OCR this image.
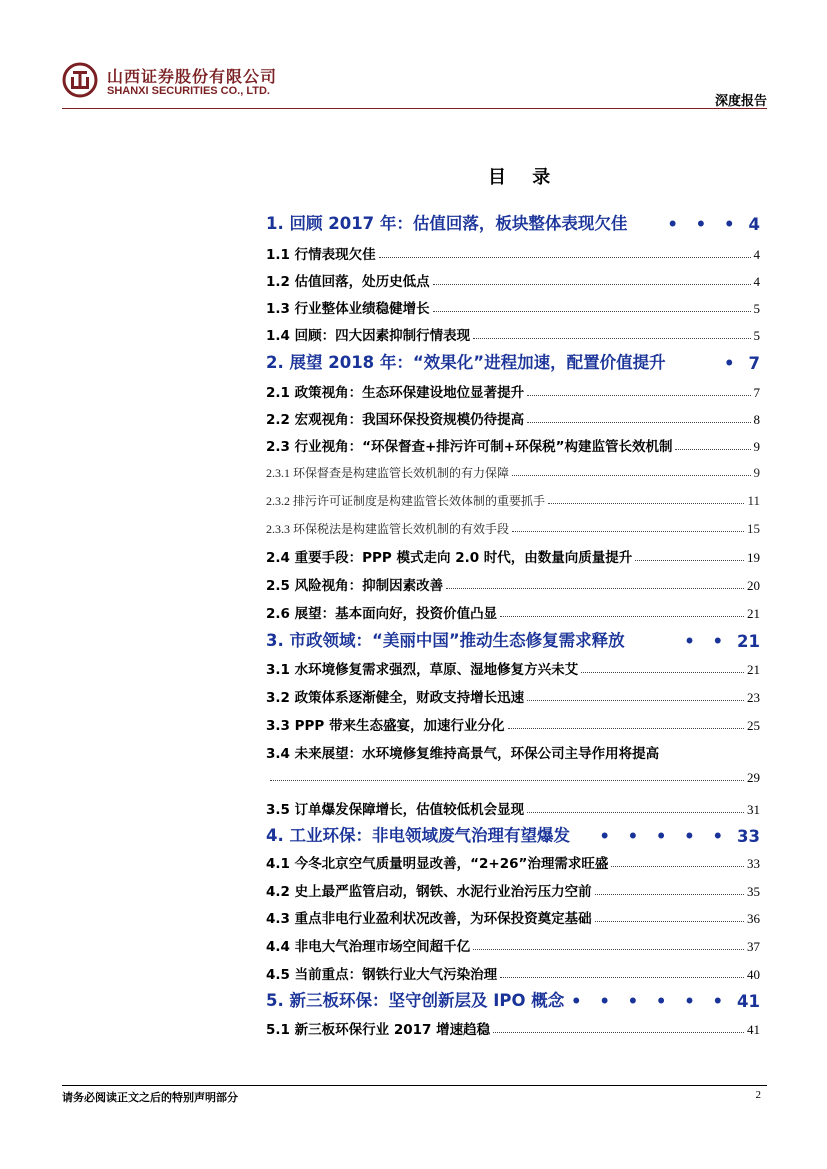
山西证券股份有限公司
SHANXI SECURITIES CO., LTD.
深度报告
目 录
1. 回顾 2017 年：估值回落，板块整体表现欠佳	• • • 4
1.1 行情表现欠佳	4
1.2 估值回落，处历史低点	4
1.3 行业整体业绩稳健增长	5
1.4 回顾：四大因素抑制行情表现	5
2. 展望 2018 年：“效果化”进程加速，配置价值提升	• 7
2.1 政策视角：生态环保建设地位显著提升	7
2.2 宏观视角：我国环保投资规模仍待提高	8
2.3 行业视角：“环保督查+排污许可制+环保税”构建监管长效机制	9
2.3.1 环保督查是构建监管长效机制的有力保障	9
2.3.2 排污许可证制度是构建监管长效体制的重要抓手	11
2.3.3 环保税法是构建监管长效机制的有效手段	15
2.4 重要手段：PPP 模式走向 2.0 时代，由数量向质量提升	19
2.5 风险视角：抑制因素改善	20
2.6 展望：基本面向好，投资价值凸显	21
3. 市政领域：“美丽中国”推动生态修复需求释放	• • 21
3.1 水环境修复需求强烈，草原、湿地修复方兴未艾	21
3.2 政策体系逐渐健全，财政支持增长迅速	23
3.3 PPP 带来生态盛宴，加速行业分化	25
3.4 未来展望：水环境修复维持高景气，环保公司主导作用将提高
29
3.5 订单爆发保障增长，估值较低机会显现	31
4. 工业环保：非电领域废气治理有望爆发	• • • • • 33
4.1 今冬北京空气质量明显改善，“2+26”治理需求旺盛	33
4.2 史上最严监管启动，钢铁、水泥行业治污压力空前	35
4.3 重点非电行业盈利状况改善，为环保投资奠定基础	36
4.4 非电大气治理市场空间超千亿	37
4.5 当前重点：钢铁行业大气污染治理	40
5. 新三板环保：坚守创新层及 IPO 概念 • • • • • • 41
5.1 新三板环保行业 2017 增速趋稳	41
请务必阅读正文之后的特别声明部分	2
